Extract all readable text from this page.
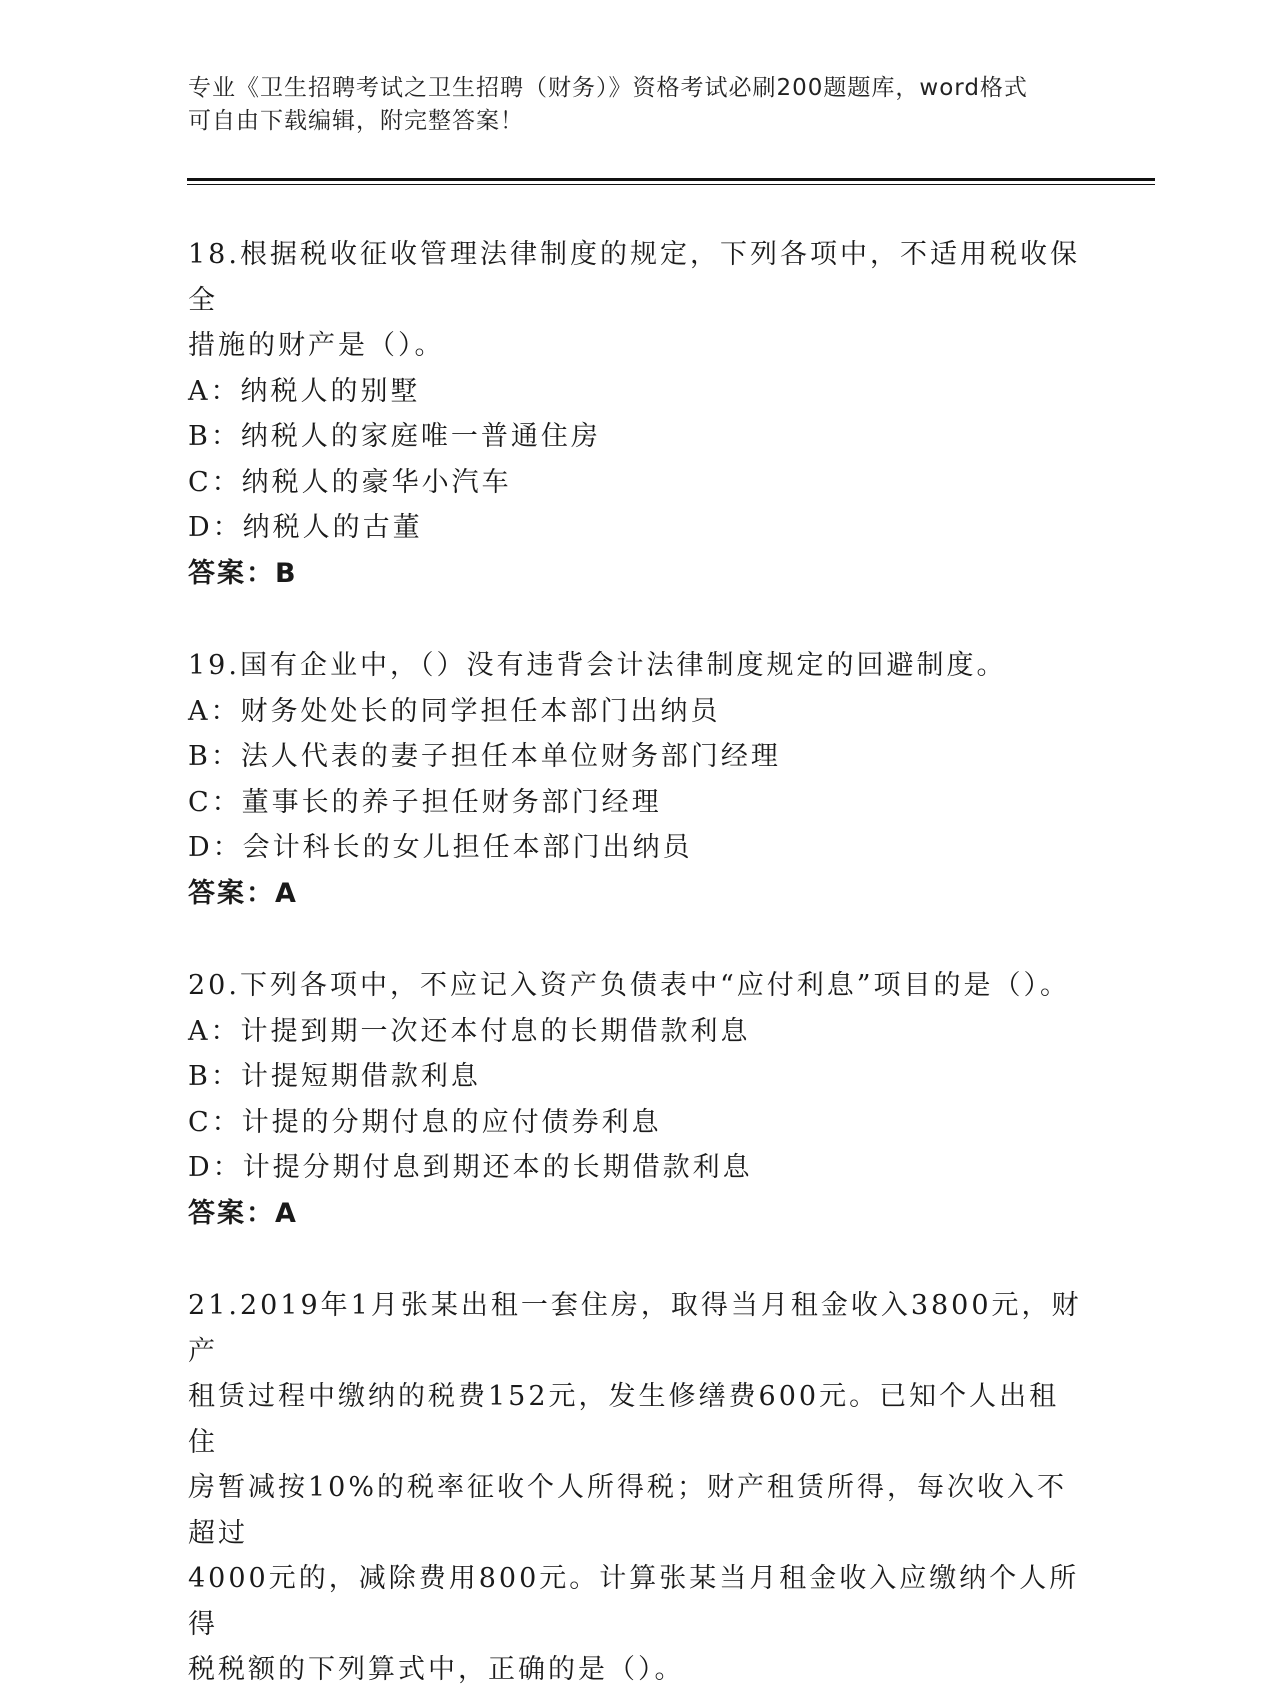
专业《卫生招聘考试之卫生招聘（财务）》资格考试必刷200题题库，word格式
可自由下载编辑，附完整答案！

18.根据税收征收管理法律制度的规定，下列各项中，不适用税收保全

措施的财产是（）。

A：纳税人的别墅

B：纳税人的家庭唯一普通住房

C：纳税人的豪华小汽车

D：纳税人的古董

答案：B

19.国有企业中，（）没有违背会计法律制度规定的回避制度。

A：财务处处长的同学担任本部门出纳员

B：法人代表的妻子担任本单位财务部门经理

C：董事长的养子担任财务部门经理

D：会计科长的女儿担任本部门出纳员

答案：A

20.下列各项中，不应记入资产负债表中“应付利息”项目的是（）。

A：计提到期一次还本付息的长期借款利息

B：计提短期借款利息

C：计提的分期付息的应付债券利息

D：计提分期付息到期还本的长期借款利息

答案：A

21.2019年1月张某出租一套住房，取得当月租金收入3800元，财产

租赁过程中缴纳的税费152元，发生修缮费600元。已知个人出租住

房暂减按10%的税率征收个人所得税；财产租赁所得，每次收入不超过

4000元的，减除费用800元。计算张某当月租金收入应缴纳个人所得

税税额的下列算式中，正确的是（）。
